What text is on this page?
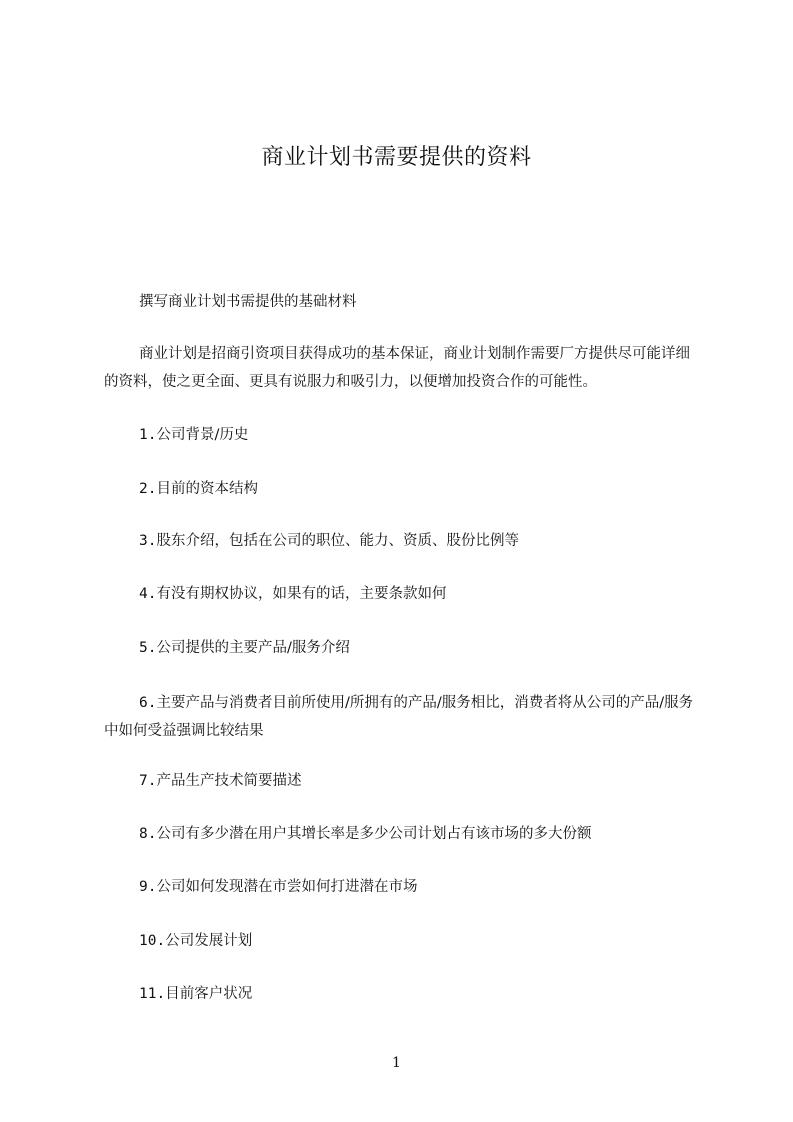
商业计划书需要提供的资料

撰写商业计划书需提供的基础材料

商业计划是招商引资项目获得成功的基本保证，商业计划制作需要厂方提供尽可能详细的资料，使之更全面、更具有说服力和吸引力，以便增加投资合作的可能性。

1.公司背景/历史

2.目前的资本结构

3.股东介绍，包括在公司的职位、能力、资质、股份比例等

4.有没有期权协议，如果有的话，主要条款如何

5.公司提供的主要产品/服务介绍

6.主要产品与消费者目前所使用/所拥有的产品/服务相比，消费者将从公司的产品/服务中如何受益强调比较结果

7.产品生产技术简要描述

8.公司有多少潜在用户其增长率是多少公司计划占有该市场的多大份额

9.公司如何发现潜在市尝如何打进潜在市场

10.公司发展计划

11.目前客户状况

1
